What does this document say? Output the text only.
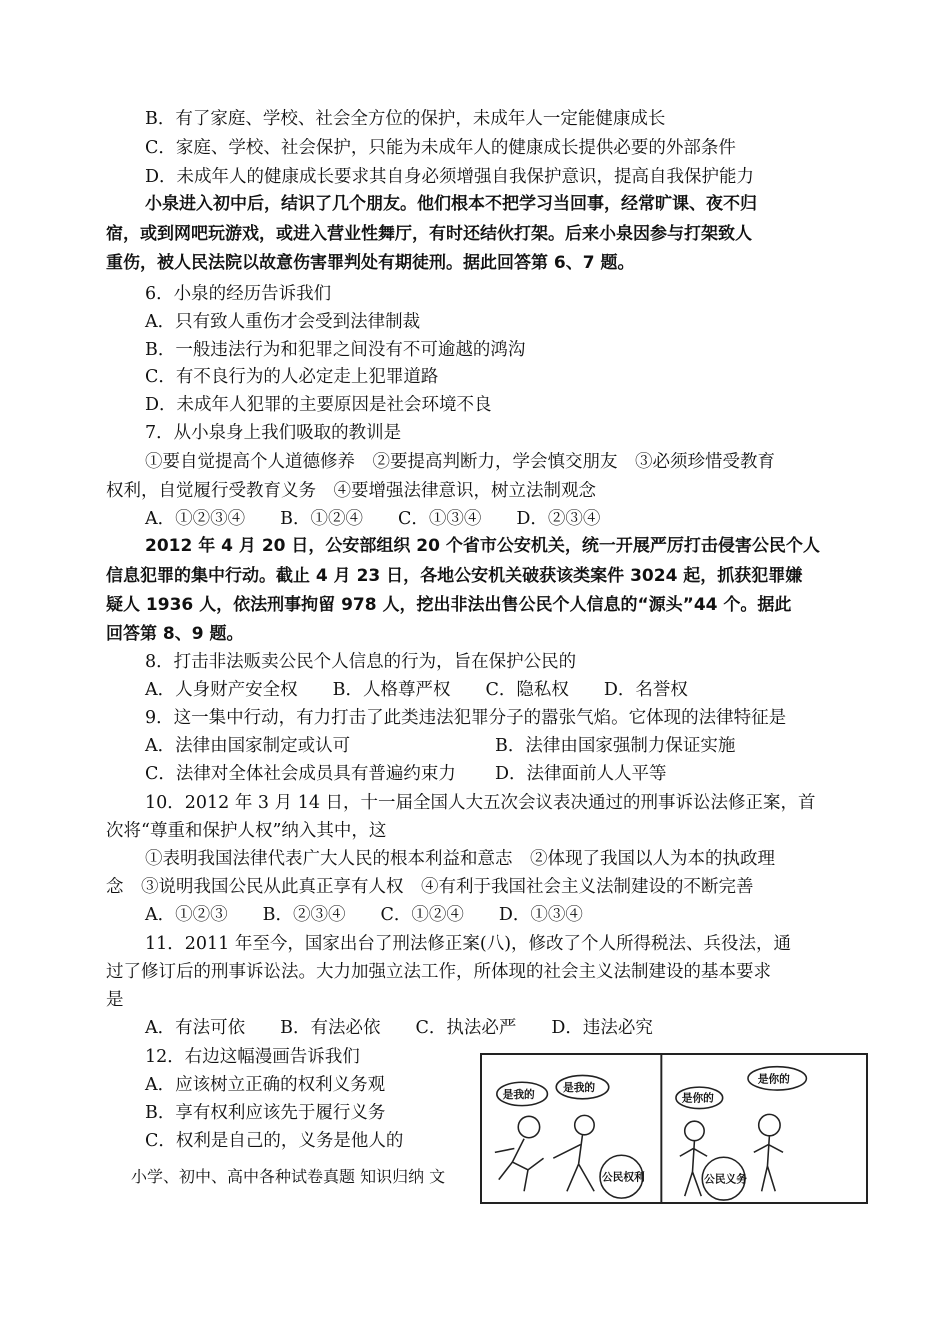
B．有了家庭、学校、社会全方位的保护，未成年人一定能健康成长
C．家庭、学校、社会保护，只能为未成年人的健康成长提供必要的外部条件
D．未成年人的健康成长要求其自身必须增强自我保护意识，提高自我保护能力
小泉进入初中后，结识了几个朋友。他们根本不把学习当回事，经常旷课、夜不归
宿，或到网吧玩游戏，或进入营业性舞厅，有时还结伙打架。后来小泉因参与打架致人
重伤，被人民法院以故意伤害罪判处有期徒刑。据此回答第 6、7 题。
6．小泉的经历告诉我们
A．只有致人重伤才会受到法律制裁
B．一般违法行为和犯罪之间没有不可逾越的鸿沟
C．有不良行为的人必定走上犯罪道路
D．未成年人犯罪的主要原因是社会环境不良
7．从小泉身上我们吸取的教训是
①要自觉提高个人道德修养　②要提高判断力，学会慎交朋友　③必须珍惜受教育
权利，自觉履行受教育义务　④要增强法律意识，树立法制观念
A．①②③④　　B．①②④　　C．①③④　　D．②③④
2012 年 4 月 20 日，公安部组织 20 个省市公安机关，统一开展严厉打击侵害公民个人
信息犯罪的集中行动。截止 4 月 23 日，各地公安机关破获该类案件 3024 起，抓获犯罪嫌
疑人 1936 人，依法刑事拘留 978 人，挖出非法出售公民个人信息的“源头”44 个。据此
回答第 8、9 题。
8．打击非法贩卖公民个人信息的行为，旨在保护公民的
A．人身财产安全权　　B．人格尊严权　　C．隐私权　　D．名誉权
9．这一集中行动，有力打击了此类违法犯罪分子的嚣张气焰。它体现的法律特征是
A．法律由国家制定或认可	B．法律由国家强制力保证实施
C．法律对全体社会成员具有普遍约束力 D．法律面前人人平等
10．2012 年 3 月 14 日，十一届全国人大五次会议表决通过的刑事诉讼法修正案，首
次将“尊重和保护人权”纳入其中，这
①表明我国法律代表广大人民的根本利益和意志　②体现了我国以人为本的执政理
念　③说明我国公民从此真正享有人权　④有利于我国社会主义法制建设的不断完善
A．①②③　　B．②③④　　C．①②④　　D．①③④
11．2011 年至今，国家出台了刑法修正案(八)，修改了个人所得税法、兵役法，通
过了修订后的刑事诉讼法。大力加强立法工作，所体现的社会主义法制建设的基本要求
是
A．有法可依　　B．有法必依　　C．执法必严　　D．违法必究
12．右边这幅漫画告诉我们
A．应该树立正确的权利义务观
B．享有权利应该先于履行义务
C．权利是自己的，义务是他人的
小学、初中、高中各种试卷真题 知识归纳 文
是我的
是我的
公民权利
是你的
是你的
公民义务
